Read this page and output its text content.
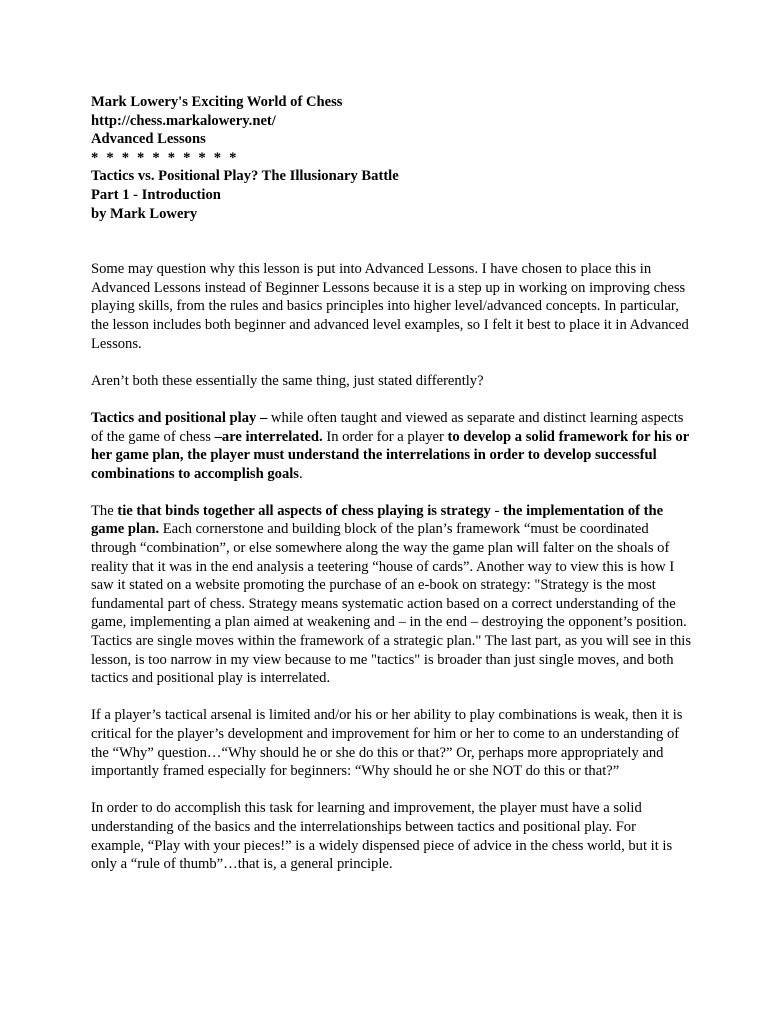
Mark Lowery's Exciting World of Chess
http://chess.markalowery.net/
Advanced Lessons
* * * * * * * * * *
Tactics vs. Positional Play? The Illusionary Battle
Part 1 - Introduction
by Mark Lowery

Some may question why this lesson is put into Advanced Lessons. I have chosen to place this in Advanced Lessons instead of Beginner Lessons because it is a step up in working on improving chess playing skills, from the rules and basics principles into higher level/advanced concepts. In particular, the lesson includes both beginner and advanced level examples, so I felt it best to place it in Advanced Lessons.

Aren’t both these essentially the same thing, just stated differently?

Tactics and positional play – while often taught and viewed as separate and distinct learning aspects of the game of chess –are interrelated. In order for a player to develop a solid framework for his or her game plan, the player must understand the interrelations in order to develop successful combinations to accomplish goals.

The tie that binds together all aspects of chess playing is strategy - the implementation of the game plan. Each cornerstone and building block of the plan’s framework “must be coordinated through “combination”, or else somewhere along the way the game plan will falter on the shoals of reality that it was in the end analysis a teetering “house of cards”. Another way to view this is how I saw it stated on a website promoting the purchase of an e-book on strategy: "Strategy is the most fundamental part of chess. Strategy means systematic action based on a correct understanding of the game, implementing a plan aimed at weakening and – in the end – destroying the opponent’s position. Tactics are single moves within the framework of a strategic plan." The last part, as you will see in this lesson, is too narrow in my view because to me "tactics" is broader than just single moves, and both tactics and positional play is interrelated.

If a player’s tactical arsenal is limited and/or his or her ability to play combinations is weak, then it is critical for the player’s development and improvement for him or her to come to an understanding of the “Why” question…“Why should he or she do this or that?” Or, perhaps more appropriately and importantly framed especially for beginners: “Why should he or she NOT do this or that?”

In order to do accomplish this task for learning and improvement, the player must have a solid understanding of the basics and the interrelationships between tactics and positional play. For example, “Play with your pieces!” is a widely dispensed piece of advice in the chess world, but it is only a “rule of thumb”…that is, a general principle.
